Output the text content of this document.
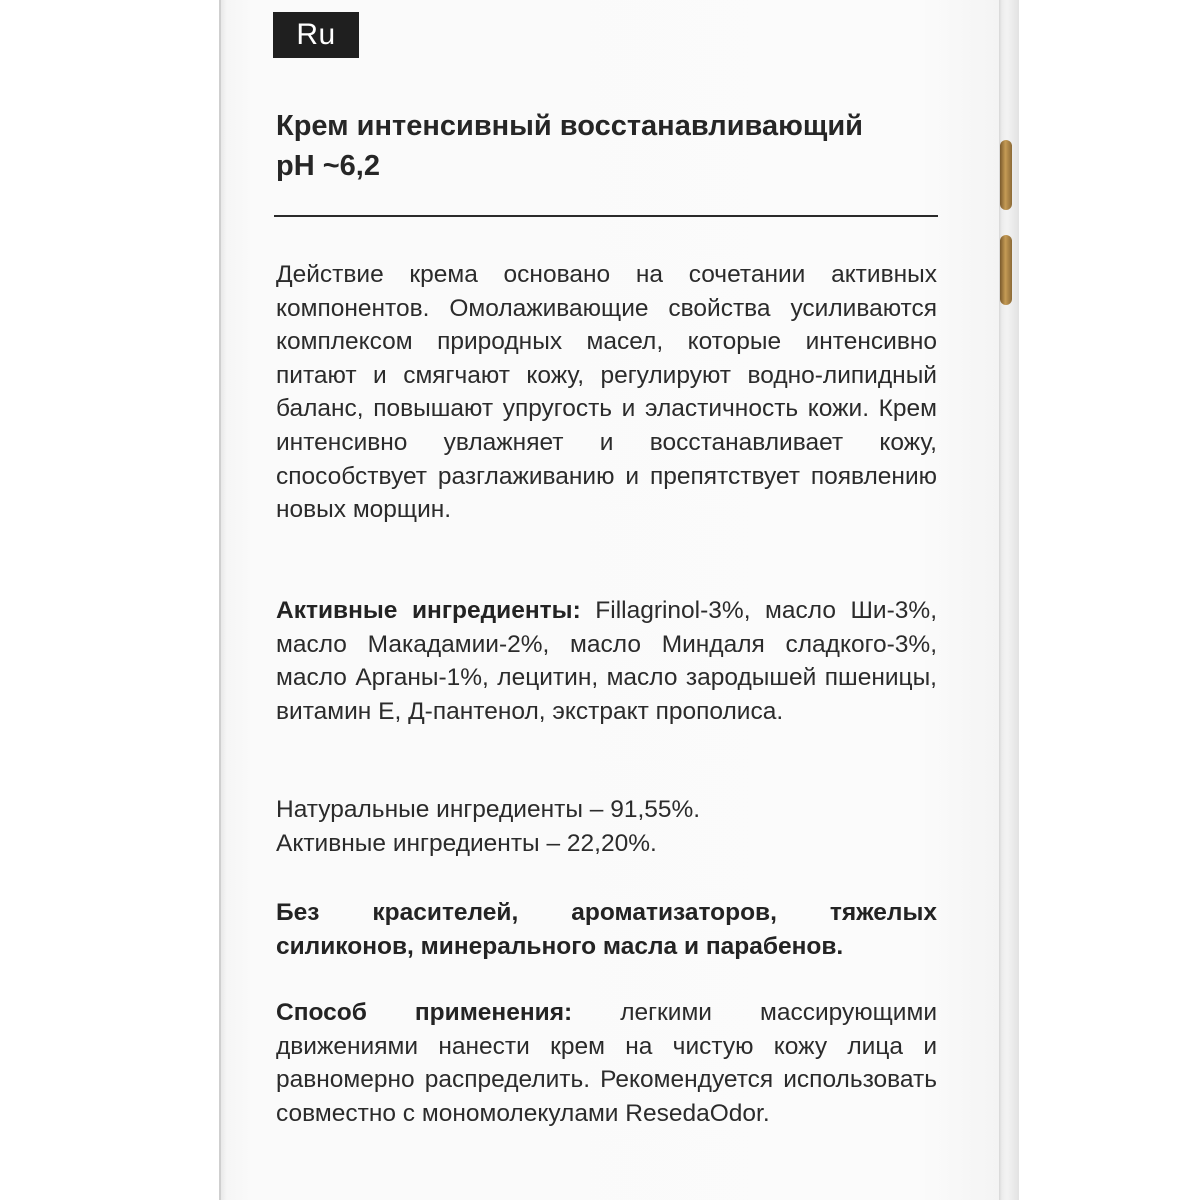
Ru
Крем интенсивный восстанавливающий
pH ~6,2

Действие крема основано на сочетании активных компонентов. Омолаживающие свойства усиливаются комплексом природных масел, которые интенсивно питают и смягчают кожу, регулируют водно-липидный баланс, повышают упругость и эластичность кожи. Крем интенсивно увлажняет и восстанавливает кожу, способствует разглаживанию и препятствует появлению новых морщин.

Активные ингредиенты: Fillagrinol-3%, масло Ши-3%, масло Макадамии-2%, масло Миндаля сладкого-3%, масло Арганы-1%, лецитин, масло зародышей пшеницы, витамин Е, Д-пантенол, экстракт прополиса.

Натуральные ингредиенты – 91,55%.
Активные ингредиенты – 22,20%.

Без красителей, ароматизаторов, тяжелых силиконов, минерального масла и парабенов.

Способ применения: легкими массирующими движениями нанести крем на чистую кожу лица и равномерно распределить. Рекомендуется использовать совместно с мономолекулами ResedaOdor.
